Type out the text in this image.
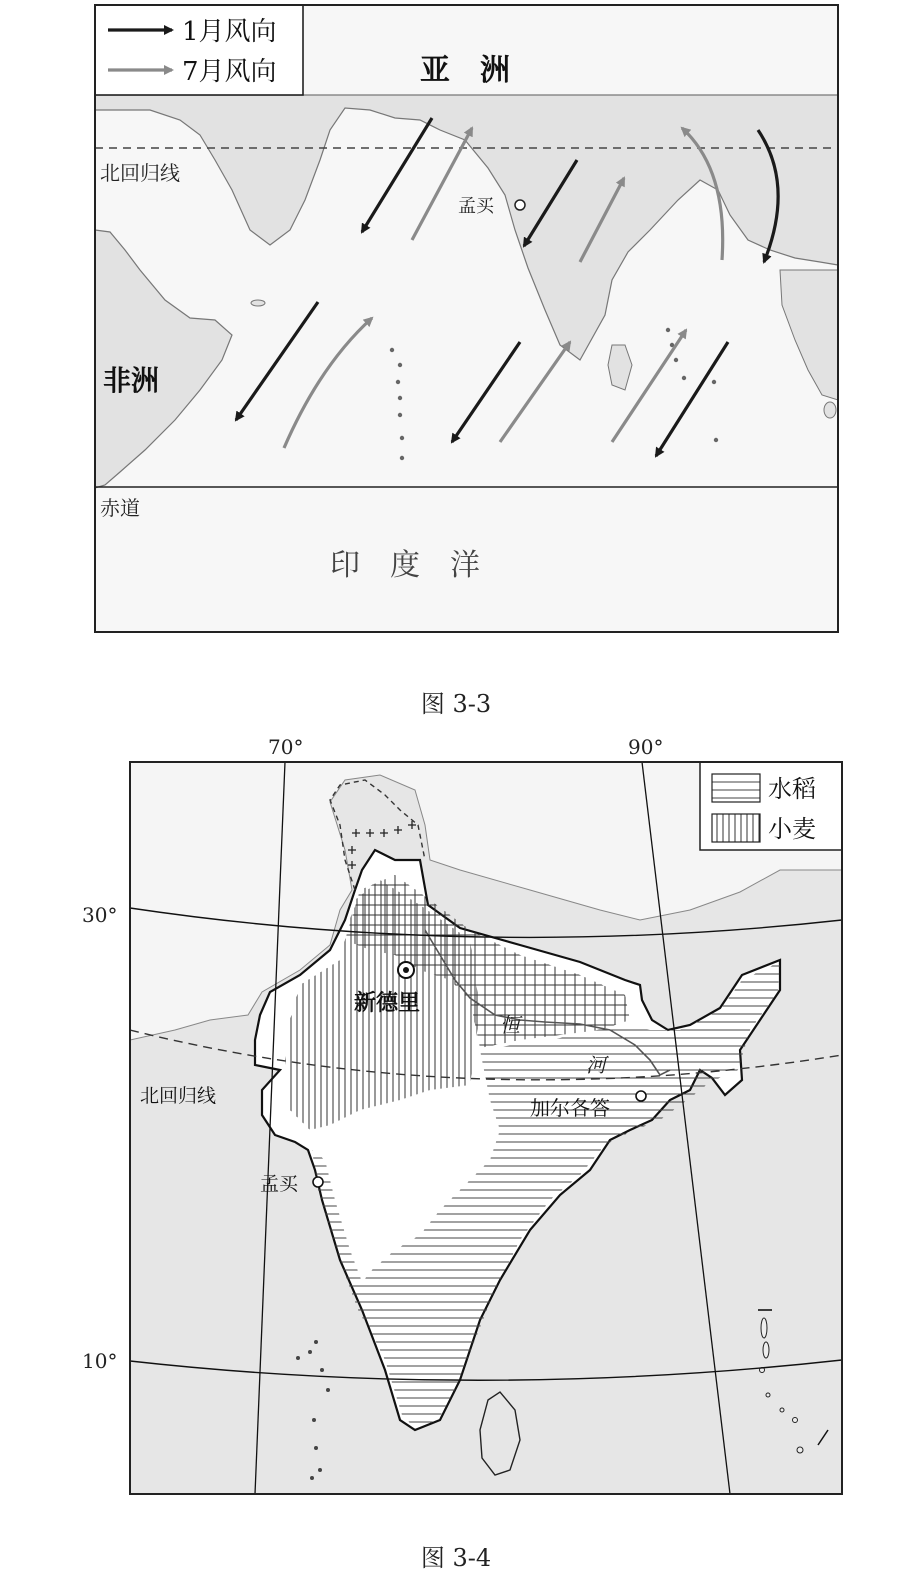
孟买
亚　洲
非洲
北回归线
赤道
印　度　洋
1月风向
7月风向
图 3-3
新德里
恒
河
加尔各答
孟买
北回归线
70°	90°
30°
10°
水稻
小麦
图 3-4
